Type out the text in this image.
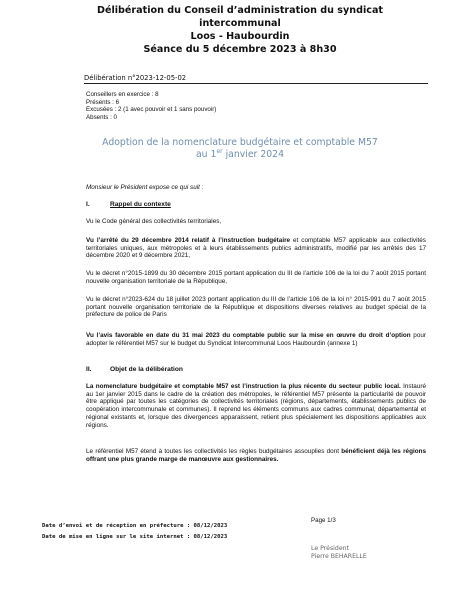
Délibération du Conseil d’administration du syndicat intercommunal
Loos - Haubourdin
Séance du 5 décembre 2023 à 8h30
Délibération n°2023-12-05-02
Conseillers en exercice : 8
Présents : 6
Excusées : 2 (1 avec pouvoir et 1 sans pouvoir)
Absents : 0
Adoption de la nomenclature budgétaire et comptable M57
au 1er janvier 2024
Monsieur le Président expose ce qui suit :
I.	Rappel du contexte
Vu le Code général des collectivités territoriales,
Vu l’arrêté du 29 décembre 2014 relatif à l’instruction budgétaire et comptable M57 applicable aux collectivités territoriales uniques, aux métropoles et à leurs établissements publics administratifs, modifié par les arrêtés des 17 décembre 2020 et 9 décembre 2021,
Vu le décret n°2015-1899 du 30 décembre 2015 portant application du III de l’article 106 de la loi du 7 août 2015 portant nouvelle organisation territoriale de la République,
Vu le décret n°2023-624 du 18 juillet 2023 portant application du III de l’article 106 de la loi n° 2015-991 du 7 août 2015 portant nouvelle organisation territoriale de la République et dispositions diverses relatives au budget spécial de la préfecture de police de Paris
Vu l’avis favorable en date du 31 mai 2023 du comptable public sur la mise en œuvre du droit d’option pour adopter le référentiel M57 sur le budget du Syndicat Intercommunal Loos Haubourdin (annexe 1)
II.	Objet de la délibération
La nomenclature budgétaire et comptable M57 est l’instruction la plus récente du secteur public local. Instauré au 1er janvier 2015 dans le cadre de la création des métropoles, le référentiel M57 présente la particularité de pouvoir être appliqué par toutes les catégories de collectivités territoriales (régions, départements, établissements publics de coopération intercommunale et communes). Il reprend les éléments communs aux cadres communal, départemental et régional existants et, lorsque des divergences apparaissent, retient plus spécialement les dispositions applicables aux régions.
Le référentiel M57 étend à toutes les collectivités les règles budgétaires assouplies dont bénéficient déjà les régions offrant une plus grande marge de manœuvre aux gestionnaires.
Page 1/3
Date d’envoi et de réception en préfecture : 08/12/2023
Date de mise en ligne sur le site internet : 08/12/2023
Le Président
Pierre BEHARELLE
